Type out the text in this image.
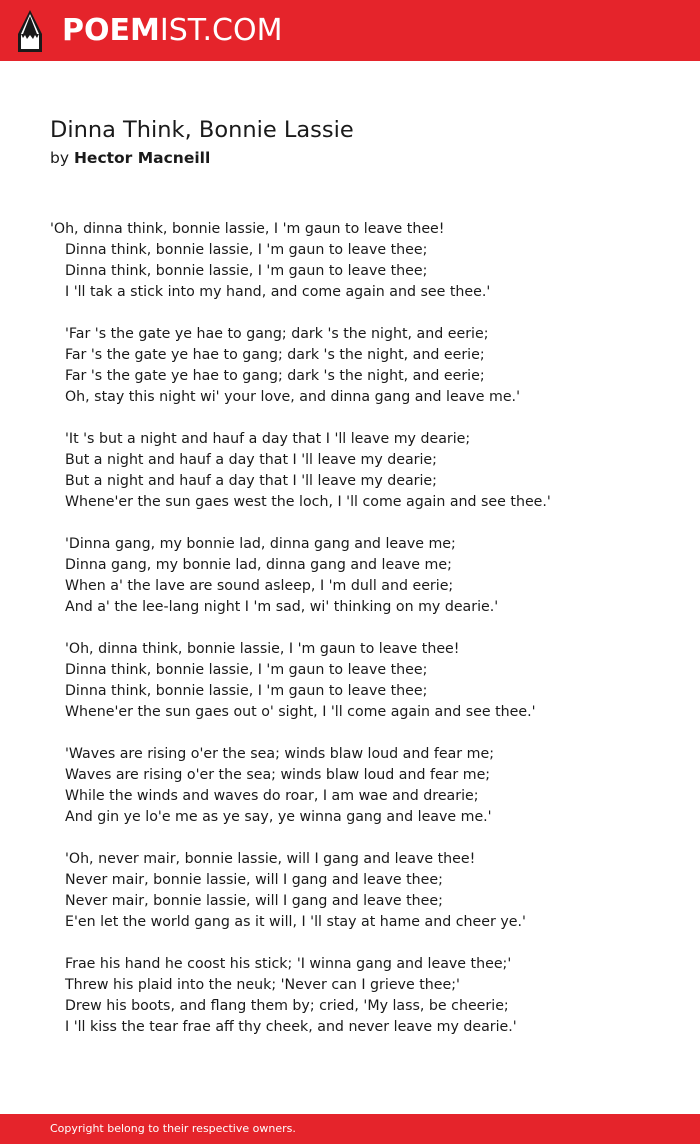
POEMIST.COM
Dinna Think, Bonnie Lassie
by Hector Macneill
'Oh, dinna think, bonnie lassie, I 'm gaun to leave thee!
Dinna think, bonnie lassie, I 'm gaun to leave thee;
Dinna think, bonnie lassie, I 'm gaun to leave thee;
I 'll tak a stick into my hand, and come again and see thee.'
'Far 's the gate ye hae to gang; dark 's the night, and eerie;
Far 's the gate ye hae to gang; dark 's the night, and eerie;
Far 's the gate ye hae to gang; dark 's the night, and eerie;
Oh, stay this night wi' your love, and dinna gang and leave me.'
'It 's but a night and hauf a day that I 'll leave my dearie;
But a night and hauf a day that I 'll leave my dearie;
But a night and hauf a day that I 'll leave my dearie;
Whene'er the sun gaes west the loch, I 'll come again and see thee.'
'Dinna gang, my bonnie lad, dinna gang and leave me;
Dinna gang, my bonnie lad, dinna gang and leave me;
When a' the lave are sound asleep, I 'm dull and eerie;
And a' the lee-lang night I 'm sad, wi' thinking on my dearie.'
'Oh, dinna think, bonnie lassie, I 'm gaun to leave thee!
Dinna think, bonnie lassie, I 'm gaun to leave thee;
Dinna think, bonnie lassie, I 'm gaun to leave thee;
Whene'er the sun gaes out o' sight, I 'll come again and see thee.'
'Waves are rising o'er the sea; winds blaw loud and fear me;
Waves are rising o'er the sea; winds blaw loud and fear me;
While the winds and waves do roar, I am wae and drearie;
And gin ye lo'e me as ye say, ye winna gang and leave me.'
'Oh, never mair, bonnie lassie, will I gang and leave thee!
Never mair, bonnie lassie, will I gang and leave thee;
Never mair, bonnie lassie, will I gang and leave thee;
E'en let the world gang as it will, I 'll stay at hame and cheer ye.'
Frae his hand he coost his stick; 'I winna gang and leave thee;'
Threw his plaid into the neuk; 'Never can I grieve thee;'
Drew his boots, and flang them by; cried, 'My lass, be cheerie;
I 'll kiss the tear frae aff thy cheek, and never leave my dearie.'
Copyright belong to their respective owners.
